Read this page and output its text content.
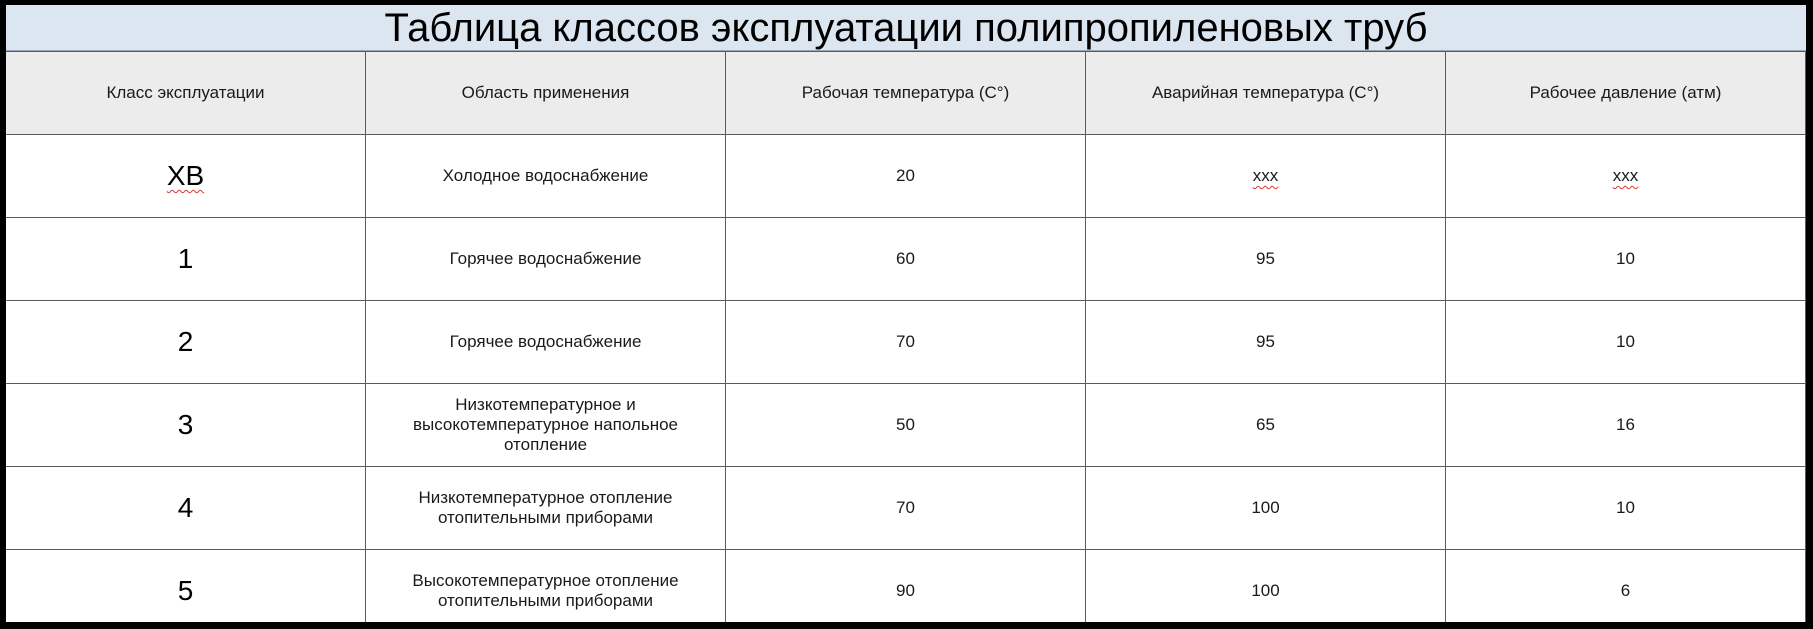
Таблица классов эксплуатации полипропиленовых труб
Класс эксплуатации	Область применения	Рабочая температура (С°)	Аварийная температура (С°)	Рабочее давление (атм)
ХВ	Холодное водоснабжение	20	ххх	ххх
1	Горячее водоснабжение	60	95	10
2	Горячее водоснабжение	70	95	10
3	Низкотемпературное и высокотемпературное напольное отопление	50	65	16
4	Низкотемпературное отопление отопительными приборами	70	100	10
5	Высокотемпературное отопление отопительными приборами	90	100	6
